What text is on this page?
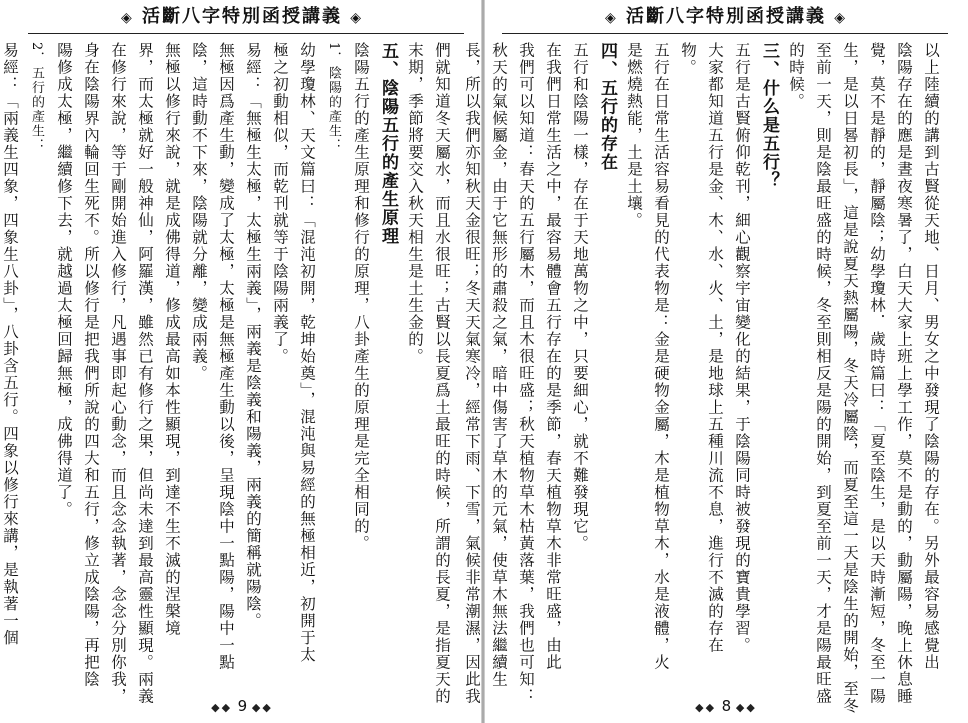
◈ 活斷八字特別函授講義 ◈
們就知道冬天屬水，而且水很旺；古賢以長夏爲土最旺的時候，所謂的長夏，是指夏天的
末期，季節將要交入秋天相生是土生金的。
五、陰陽五行的產生原理
陰陽五行的產生原理和修行的原理，八卦產生的原理是完全相同的。
1．陰陽的產生：
幼學瓊林、天文篇曰：「混沌初開，乾坤始奠」，混沌與易經的無極相近，初開于太
極之初動相似，而乾刊就等于陰陽兩義了。
易經：「無極生太極，太極生兩義」，兩義是陰義和陽義，兩義的簡稱就陽陰。
無極因爲產生動，變成了太極，太極是無極產生動以後，呈現陰中一點陽，陽中一點
陰，這時動不下來，陰陽就分離，變成兩義。
無極以修行來說，就是成佛得道，修成最高如本性顯現，到達不生不滅的涅槃境
界，而太極就好一般神仙，阿羅漢，雖然已有修行之果，但尚未達到最高靈性顯現。兩義
在修行來說，等于剛開始進入修行，凡遇事即起心動念，而且念念執著，念念分別你我，
身在陰陽界內輪回生死不。所以修行是把我們所說的四大和五行，修立成陰陽，再把陰
陽修成太極，繼續修下去，就越過太極回歸無極，成佛得道了。
2．五行的產生：
易經：「兩義生四象，四象生八卦」，八卦含五行。四象以修行來講，是執著一個
◆◆ 9 ◆◆
◈ 活斷八字特別函授講義 ◈
以上陸續的講到古賢從天地、日月、男女之中發現了陰陽的存在。另外最容易感覺出
陰陽存在的應是晝夜寒暑了，白天大家上班上學工作，莫不是動的，動屬陽，晚上休息睡
覺，莫不是靜的，靜屬陰；幼學瓊林．歲時篇曰：「夏至陰生，是以天時漸短，冬至一陽
生，是以日晷初長」，這是說夏天熱屬陽，冬天冷屬陰，而夏至這一天是陰生的開始，至冬
至前一天，則是陰最旺盛的時候，冬至則相反是陽的開始，到夏至前一天，才是陽最旺盛
的時候。
三、什么是五行？
五行是古賢俯仰乾刊，細心觀察宇宙變化的結果，于陰陽同時被發現的寶貴學習。
大家都知道五行是金、木、水、火、土，是地球上五種川流不息，進行不滅的存在
物。
五行在日常生活容易看見的代表物是：金是硬物金屬，木是植物草木，水是液體，火
是燃燒熱能，土是土壤。
四、五行的存在
五行和陰陽一樣，存在于天地萬物之中，只要細心，就不難發現它。
在我們日常生活之中，最容易體會五行存在的是季節，春天植物草木非常旺盛，由此
我們可以知道：春天的五行屬木，而且木很旺盛；秋天植物草木枯黃落葉，我們也可知：
秋天的氣候屬金，由于它無形的肅殺之氣，暗中傷害了草木的元氣，使草木無法繼續生
長，所以我們亦知秋天金很旺；冬天天氣寒冷，經常下雨、下雪，氣候非常潮濕，因此我
◆◆ 8 ◆◆
